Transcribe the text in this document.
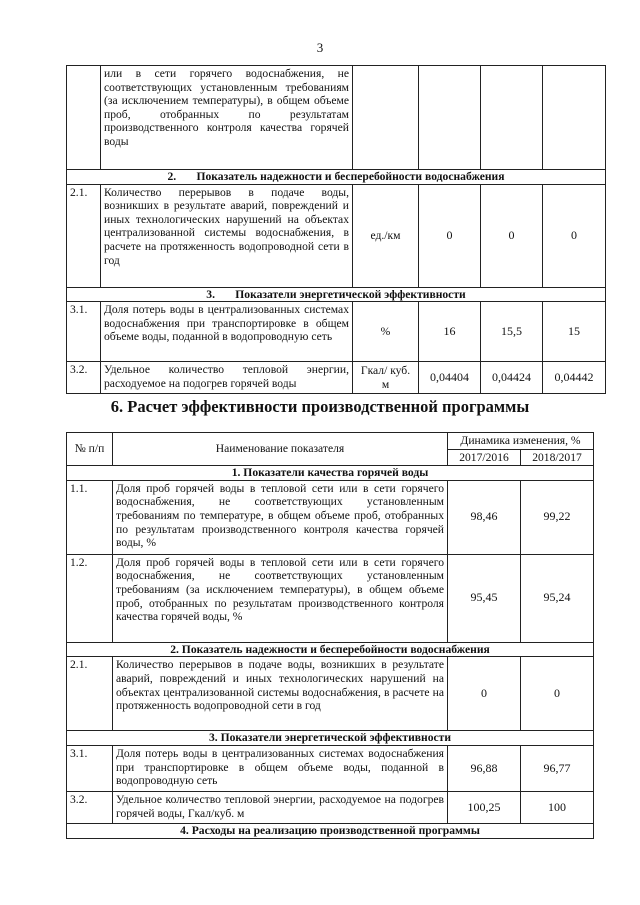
3
	или в сети горячего водоснабжения, не соответствующих установленным требованиям (за исключением температуры), в общем объеме проб, отобранных по результатам производственного контроля качества горячей воды				
2.       Показатель надежности и бесперебойности водоснабжения					
2.1.	Количество перерывов в подаче воды, возникших в результате аварий, повреждений и иных технологических нарушений на объектах централизованной системы водоснабжения, в расчете на протяженность водопроводной сети в год	ед./км	0	0	0
3.       Показатели энергетической эффективности					
3.1.	Доля потерь воды в централизованных системах водоснабжения при транспортировке в общем объеме воды, поданной в водопроводную сеть	%	16	15,5	15
3.2.	Удельное количество тепловой энергии, расходуемое на подогрев горячей воды	Гкал/ куб. м	0,04404	0,04424	0,04442
6. Расчет эффективности производственной программы
№ п/п	Наименование показателя	Динамика изменения, %	
		2017/2016	2018/2017
1. Показатели качества горячей воды			
1.1.	Доля проб горячей воды в тепловой сети или в сети горячего водоснабжения, не соответствующих установленным требованиям по температуре, в общем объеме проб, отобранных по результатам производственного контроля качества горячей воды, %	98,46	99,22
1.2.	Доля проб горячей воды в тепловой сети или в сети горячего водоснабжения, не соответствующих установленным требованиям (за исключением температуры), в общем объеме проб, отобранных по результатам производственного контроля качества горячей воды, %	95,45	95,24
2. Показатель надежности и бесперебойности водоснабжения			
2.1.	Количество перерывов в подаче воды, возникших в результате аварий, повреждений и иных технологических нарушений на объектах централизованной системы водоснабжения, в расчете на протяженность водопроводной сети в год	0	0
3. Показатели энергетической эффективности			
3.1.	Доля потерь воды в централизованных системах водоснабжения при транспортировке в общем объеме воды, поданной в водопроводную сеть	96,88	96,77
3.2.	Удельное количество тепловой энергии, расходуемое на подогрев горячей воды, Гкал/куб. м	100,25	100
4. Расходы на реализацию производственной программы			
